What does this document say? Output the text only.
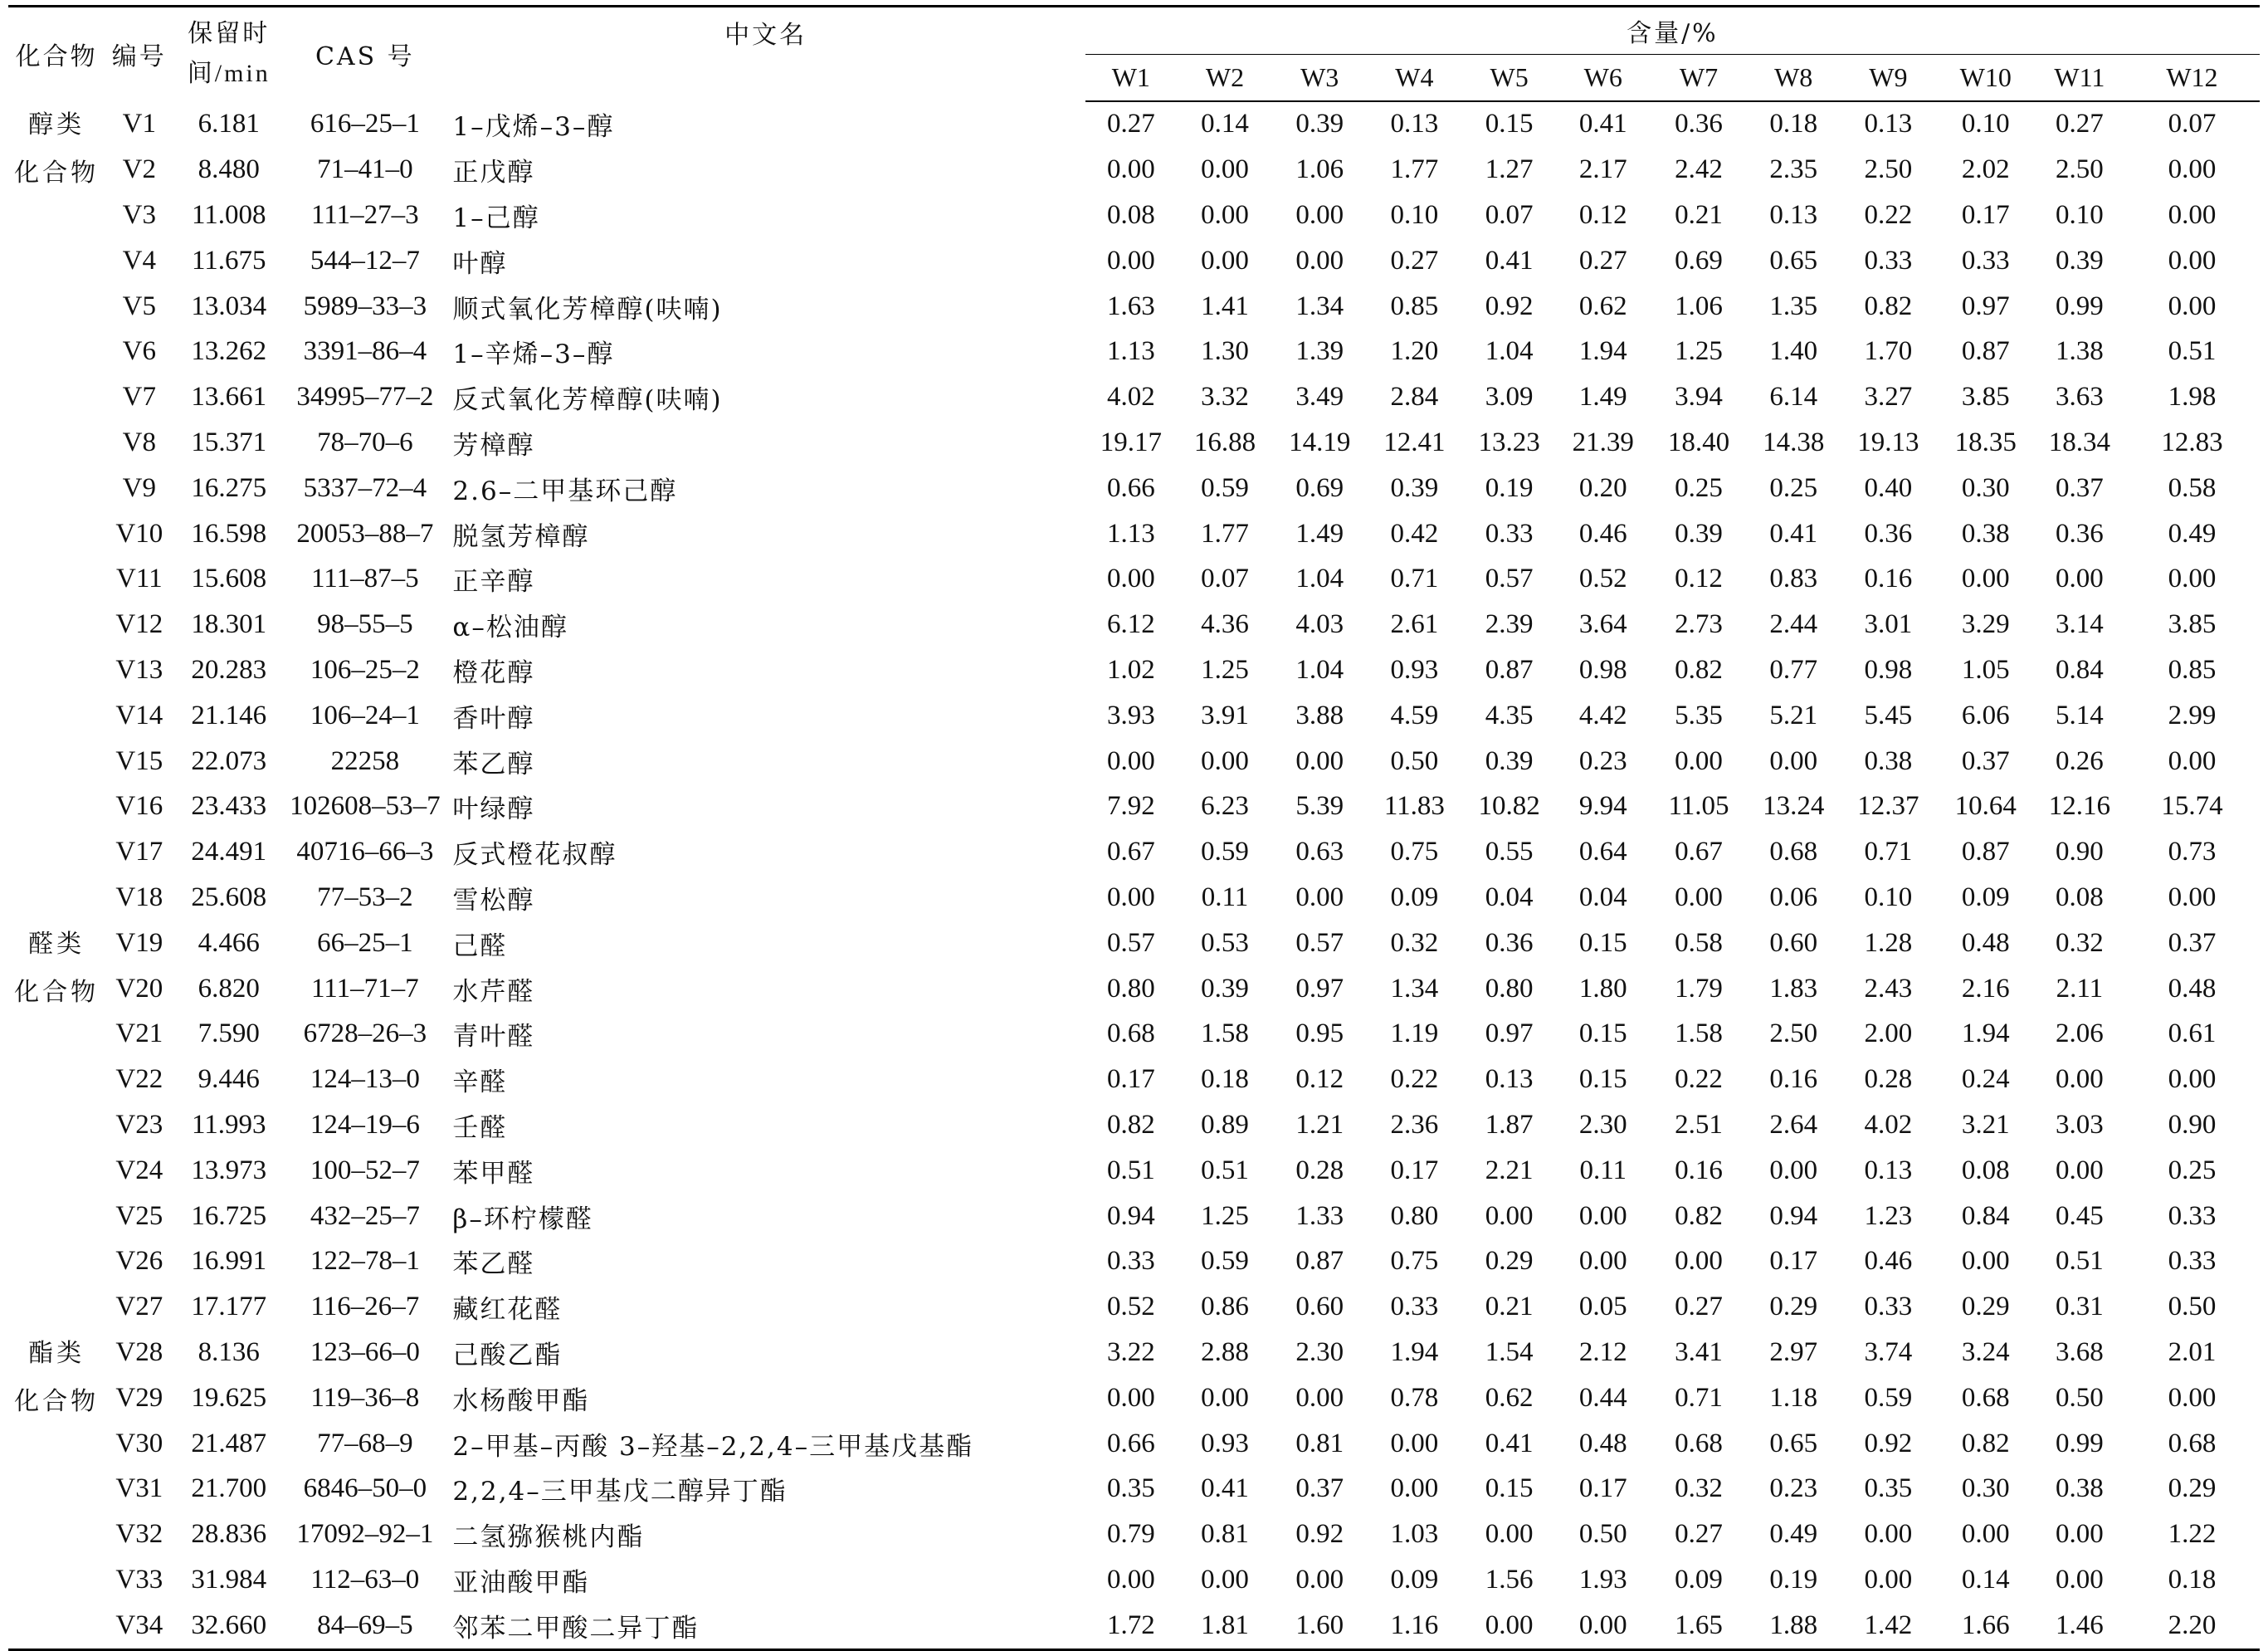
化合物	编号	保留时
间/min	CAS 号	中文名	含量/%											
					W1	W2	W3	W4	W5	W6	W7	W8	W9	W10	W11	W12

醇类
化合物	V1	6.181	616–25–1	1–戊烯–3–醇	0.27	0.14	0.39	0.13	0.15	0.41	0.36	0.18	0.13	0.10	0.27	0.07
	V2	8.480	71–41–0	正戊醇	0.00	0.00	1.06	1.77	1.27	2.17	2.42	2.35	2.50	2.02	2.50	0.00
	V3	11.008	111–27–3	1–己醇	0.08	0.00	0.00	0.10	0.07	0.12	0.21	0.13	0.22	0.17	0.10	0.00
	V4	11.675	544–12–7	叶醇	0.00	0.00	0.00	0.27	0.41	0.27	0.69	0.65	0.33	0.33	0.39	0.00
	V5	13.034	5989–33–3	顺式氧化芳樟醇(呋喃)	1.63	1.41	1.34	0.85	0.92	0.62	1.06	1.35	0.82	0.97	0.99	0.00
	V6	13.262	3391–86–4	1–辛烯–3–醇	1.13	1.30	1.39	1.20	1.04	1.94	1.25	1.40	1.70	0.87	1.38	0.51
	V7	13.661	34995–77–2	反式氧化芳樟醇(呋喃)	4.02	3.32	3.49	2.84	3.09	1.49	3.94	6.14	3.27	3.85	3.63	1.98
	V8	15.371	78–70–6	芳樟醇	19.17	16.88	14.19	12.41	13.23	21.39	18.40	14.38	19.13	18.35	18.34	12.83
	V9	16.275	5337–72–4	2.6–二甲基环己醇	0.66	0.59	0.69	0.39	0.19	0.20	0.25	0.25	0.40	0.30	0.37	0.58
	V10	16.598	20053–88–7	脱氢芳樟醇	1.13	1.77	1.49	0.42	0.33	0.46	0.39	0.41	0.36	0.38	0.36	0.49
	V11	15.608	111–87–5	正辛醇	0.00	0.07	1.04	0.71	0.57	0.52	0.12	0.83	0.16	0.00	0.00	0.00
	V12	18.301	98–55–5	α–松油醇	6.12	4.36	4.03	2.61	2.39	3.64	2.73	2.44	3.01	3.29	3.14	3.85
	V13	20.283	106–25–2	橙花醇	1.02	1.25	1.04	0.93	0.87	0.98	0.82	0.77	0.98	1.05	0.84	0.85
	V14	21.146	106–24–1	香叶醇	3.93	3.91	3.88	4.59	4.35	4.42	5.35	5.21	5.45	6.06	5.14	2.99
	V15	22.073	22258	苯乙醇	0.00	0.00	0.00	0.50	0.39	0.23	0.00	0.00	0.38	0.37	0.26	0.00
	V16	23.433	102608–53–7	叶绿醇	7.92	6.23	5.39	11.83	10.82	9.94	11.05	13.24	12.37	10.64	12.16	15.74
	V17	24.491	40716–66–3	反式橙花叔醇	0.67	0.59	0.63	0.75	0.55	0.64	0.67	0.68	0.71	0.87	0.90	0.73
	V18	25.608	77–53–2	雪松醇	0.00	0.11	0.00	0.09	0.04	0.04	0.00	0.06	0.10	0.09	0.08	0.00

醛类
化合物	V19	4.466	66–25–1	己醛	0.57	0.53	0.57	0.32	0.36	0.15	0.58	0.60	1.28	0.48	0.32	0.37
	V20	6.820	111–71–7	水芹醛	0.80	0.39	0.97	1.34	0.80	1.80	1.79	1.83	2.43	2.16	2.11	0.48
	V21	7.590	6728–26–3	青叶醛	0.68	1.58	0.95	1.19	0.97	0.15	1.58	2.50	2.00	1.94	2.06	0.61
	V22	9.446	124–13–0	辛醛	0.17	0.18	0.12	0.22	0.13	0.15	0.22	0.16	0.28	0.24	0.00	0.00
	V23	11.993	124–19–6	壬醛	0.82	0.89	1.21	2.36	1.87	2.30	2.51	2.64	4.02	3.21	3.03	0.90
	V24	13.973	100–52–7	苯甲醛	0.51	0.51	0.28	0.17	2.21	0.11	0.16	0.00	0.13	0.08	0.00	0.25
	V25	16.725	432–25–7	β–环柠檬醛	0.94	1.25	1.33	0.80	0.00	0.00	0.82	0.94	1.23	0.84	0.45	0.33
	V26	16.991	122–78–1	苯乙醛	0.33	0.59	0.87	0.75	0.29	0.00	0.00	0.17	0.46	0.00	0.51	0.33
	V27	17.177	116–26–7	藏红花醛	0.52	0.86	0.60	0.33	0.21	0.05	0.27	0.29	0.33	0.29	0.31	0.50

酯类
化合物	V28	8.136	123–66–0	己酸乙酯	3.22	2.88	2.30	1.94	1.54	2.12	3.41	2.97	3.74	3.24	3.68	2.01
	V29	19.625	119–36–8	水杨酸甲酯	0.00	0.00	0.00	0.78	0.62	0.44	0.71	1.18	0.59	0.68	0.50	0.00
	V30	21.487	77–68–9	2–甲基–丙酸 3–羟基–2,2,4–三甲基戊基酯	0.66	0.93	0.81	0.00	0.41	0.48	0.68	0.65	0.92	0.82	0.99	0.68
	V31	21.700	6846–50–0	2,2,4–三甲基戊二醇异丁酯	0.35	0.41	0.37	0.00	0.15	0.17	0.32	0.23	0.35	0.30	0.38	0.29
	V32	28.836	17092–92–1	二氢猕猴桃内酯	0.79	0.81	0.92	1.03	0.00	0.50	0.27	0.49	0.00	0.00	0.00	1.22
	V33	31.984	112–63–0	亚油酸甲酯	0.00	0.00	0.00	0.09	1.56	1.93	0.09	0.19	0.00	0.14	0.00	0.18
	V34	32.660	84–69–5	邻苯二甲酸二异丁酯	1.72	1.81	1.60	1.16	0.00	0.00	1.65	1.88	1.42	1.66	1.46	2.20
